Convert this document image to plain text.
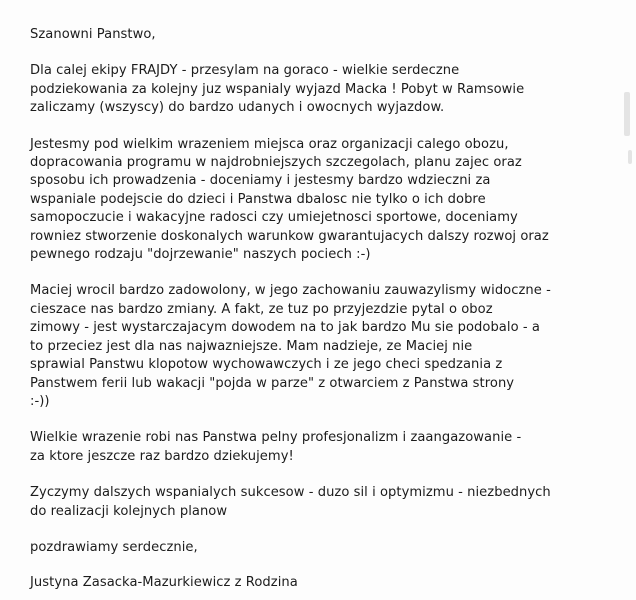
Szanowni Panstwo,
Dla calej ekipy FRAJDY - przesylam na goraco - wielkie serdeczne
podziekowania za kolejny juz wspanialy wyjazd Macka ! Pobyt w Ramsowie
zaliczamy (wszyscy) do bardzo udanych i owocnych wyjazdow.
Jestesmy pod wielkim wrazeniem miejsca oraz organizacji calego obozu,
dopracowania programu w najdrobniejszych szczegolach, planu zajec oraz
sposobu ich prowadzenia - doceniamy i jestesmy bardzo wdzieczni za
wspaniale podejscie do dzieci i Panstwa dbalosc nie tylko o ich dobre
samopoczucie i wakacyjne radosci czy umiejetnosci sportowe, doceniamy
rowniez stworzenie doskonalych warunkow gwarantujacych dalszy rozwoj oraz
pewnego rodzaju "dojrzewanie" naszych pociech :-)
Maciej wrocil bardzo zadowolony, w jego zachowaniu zauwazylismy widoczne -
cieszace nas bardzo zmiany. A fakt, ze tuz po przyjezdzie pytal o oboz
zimowy - jest wystarczajacym dowodem na to jak bardzo Mu sie podobalo - a
to przeciez jest dla nas najwazniejsze. Mam nadzieje, ze Maciej nie
sprawial Panstwu klopotow wychowawczych i ze jego checi spedzania z
Panstwem ferii lub wakacji "pojda w parze" z otwarciem z Panstwa strony
:-))
Wielkie wrazenie robi nas Panstwa pelny profesjonalizm i zaangazowanie -
za ktore jeszcze raz bardzo dziekujemy!
Zyczymy dalszych wspanialych sukcesow - duzo sil i optymizmu - niezbednych
do realizacji kolejnych planow
pozdrawiamy serdecznie,
Justyna Zasacka-Mazurkiewicz z Rodzina
